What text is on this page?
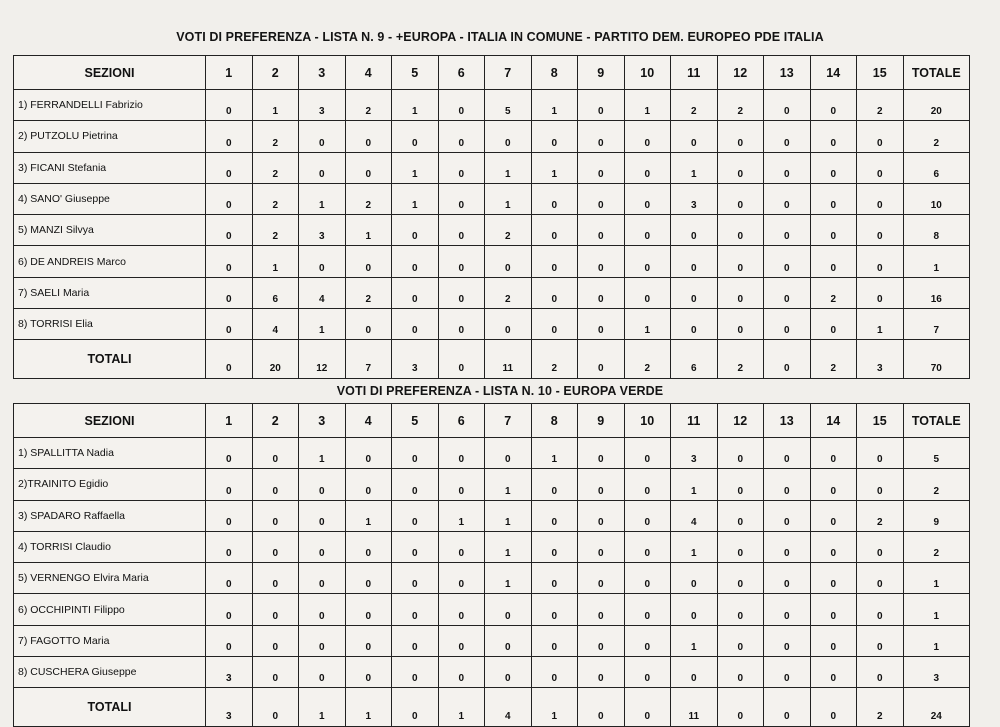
VOTI DI PREFERENZA - LISTA N. 9 - +EUROPA - ITALIA IN COMUNE - PARTITO DEM. EUROPEO PDE ITALIA
SEZIONI	1	2	3	4	5	6	7	8	9	10	11	12	13	14	15	TOTALE
1) FERRANDELLI Fabrizio	0	1	3	2	1	0	5	1	0	1	2	2	0	0	2	20
2) PUTZOLU Pietrina	0	2	0	0	0	0	0	0	0	0	0	0	0	0	0	2
3) FICANI Stefania	0	2	0	0	1	0	1	1	0	0	1	0	0	0	0	6
4) SANO' Giuseppe	0	2	1	2	1	0	1	0	0	0	3	0	0	0	0	10
5) MANZI Silvya	0	2	3	1	0	0	2	0	0	0	0	0	0	0	0	8
6) DE ANDREIS Marco	0	1	0	0	0	0	0	0	0	0	0	0	0	0	0	1
7) SAELI Maria	0	6	4	2	0	0	2	0	0	0	0	0	0	2	0	16
8) TORRISI Elia	0	4	1	0	0	0	0	0	0	1	0	0	0	0	1	7
TOTALI	0	20	12	7	3	0	11	2	0	2	6	2	0	2	3	70
VOTI DI PREFERENZA - LISTA N. 10 - EUROPA VERDE
SEZIONI	1	2	3	4	5	6	7	8	9	10	11	12	13	14	15	TOTALE
1) SPALLITTA Nadia	0	0	1	0	0	0	0	1	0	0	3	0	0	0	0	5
2)TRAINITO Egidio	0	0	0	0	0	0	1	0	0	0	1	0	0	0	0	2
3) SPADARO Raffaella	0	0	0	1	0	1	1	0	0	0	4	0	0	0	2	9
4) TORRISI Claudio	0	0	0	0	0	0	1	0	0	0	1	0	0	0	0	2
5) VERNENGO Elvira Maria	0	0	0	0	0	0	1	0	0	0	0	0	0	0	0	1
6) OCCHIPINTI Filippo	0	0	0	0	0	0	0	0	0	0	0	0	0	0	0	1
7) FAGOTTO Maria	0	0	0	0	0	0	0	0	0	0	1	0	0	0	0	1
8) CUSCHERA Giuseppe	3	0	0	0	0	0	0	0	0	0	0	0	0	0	0	3
TOTALI	3	0	1	1	0	1	4	1	0	0	11	0	0	0	2	24
